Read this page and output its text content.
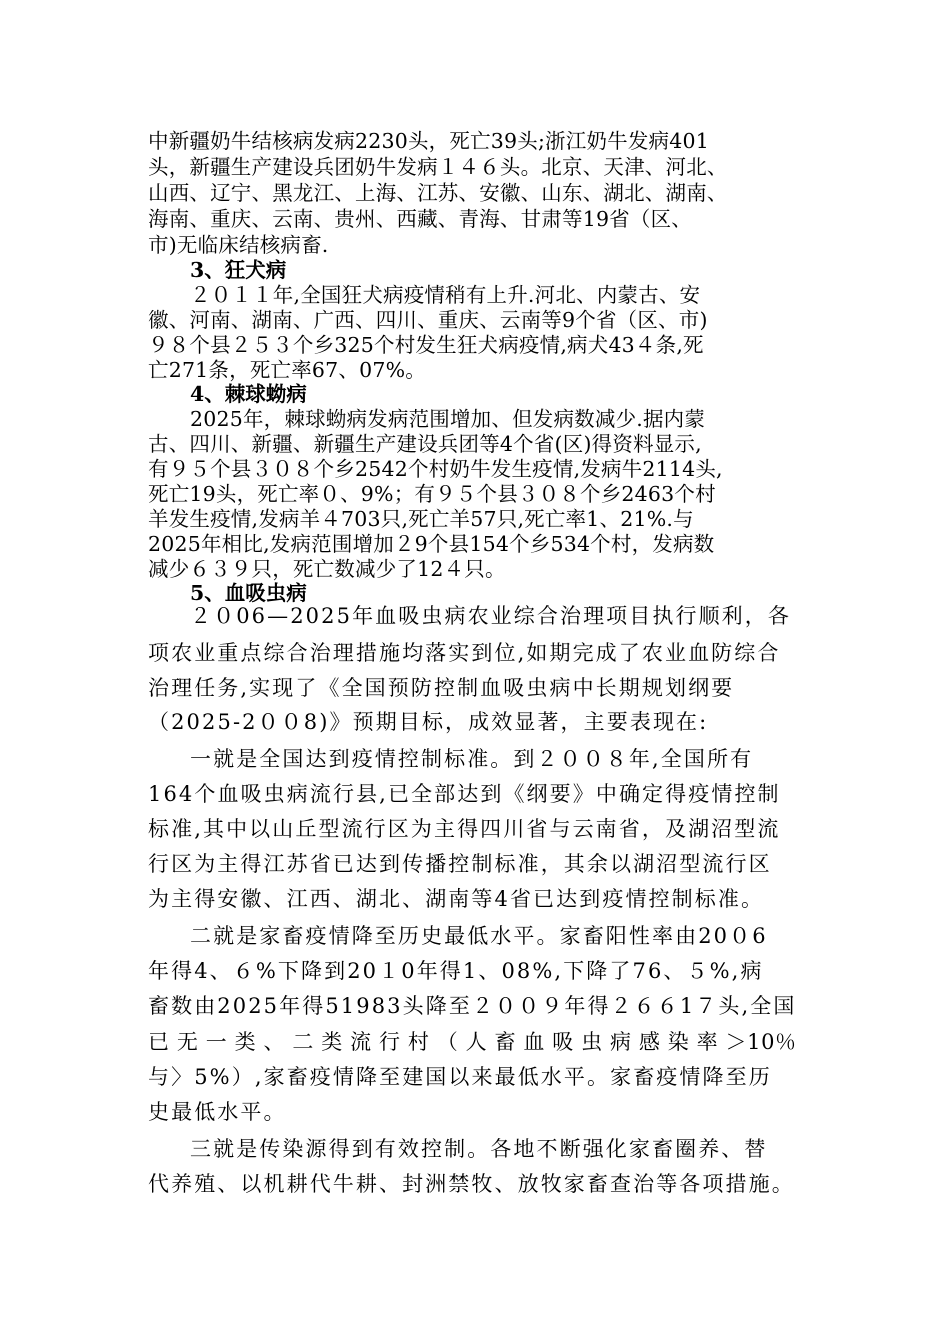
中新疆奶牛结核病发病2230头，死亡39头;浙江奶牛发病401
头，新疆生产建设兵团奶牛发病１４６头。北京、天津、河北、
山西、辽宁、黑龙江、上海、江苏、安徽、山东、湖北、湖南、
海南、重庆、云南、贵州、西藏、青海、甘肃等19省（区、
市)无临床结核病畜.
3、狂犬病
２０１１年,全国狂犬病疫情稍有上升.河北、内蒙古、安
徽、河南、湖南、广西、四川、重庆、云南等9个省（区、市)
９８个县２５３个乡325个村发生狂犬病疫情,病犬43４条,死
亡271条，死亡率67、07%。
4、棘球蚴病
2025年，棘球蚴病发病范围增加、但发病数减少.据内蒙
古、四川、新疆、新疆生产建设兵团等4个省(区)得资料显示,
有９５个县３０８个乡2542个村奶牛发生疫情,发病牛2114头,
死亡19头，死亡率０、9%；有９５个县３０８个乡2463个村
羊发生疫情,发病羊４703只,死亡羊57只,死亡率1、21%.与
2025年相比,发病范围增加２9个县154个乡534个村，发病数
减少６３９只，死亡数减少了12４只。
5、血吸虫病
２０06—2025年血吸虫病农业综合治理项目执行顺利，各
项农业重点综合治理措施均落实到位,如期完成了农业血防综合
治理任务,实现了《全国预防控制血吸虫病中长期规划纲要
（2025-2００8)》预期目标，成效显著，主要表现在:
一就是全国达到疫情控制标准。到２００８年,全国所有
164个血吸虫病流行县,已全部达到《纲要》中确定得疫情控制
标准,其中以山丘型流行区为主得四川省与云南省，及湖沼型流
行区为主得江苏省已达到传播控制标准，其余以湖沼型流行区
为主得安徽、江西、湖北、湖南等4省已达到疫情控制标准。
二就是家畜疫情降至历史最低水平。家畜阳性率由20０6
年得4、６%下降到20１0年得1、08%,下降了76、５%,病
畜数由2025年得51983头降至２００９年得２６６1７头,全国
已 无 一 类 、 二 类 流 行 村 （ 人 畜 血 吸 虫 病 感 染 率 ＞10％
与〉5%）,家畜疫情降至建国以来最低水平。家畜疫情降至历
史最低水平。
三就是传染源得到有效控制。各地不断强化家畜圈养、替
代养殖、以机耕代牛耕、封洲禁牧、放牧家畜查治等各项措施。
